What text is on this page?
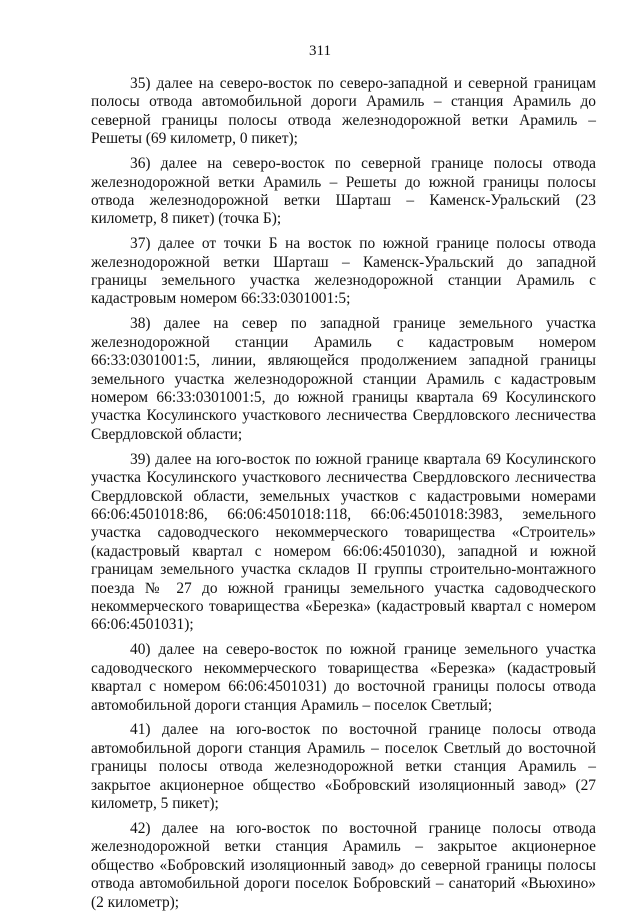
311

35) далее на северо-восток по северо-западной и северной границам полосы отвода автомобильной дороги Арамиль – станция Арамиль до северной границы полосы отвода железнодорожной ветки Арамиль – Решеты (69 километр, 0 пикет);

36) далее на северо-восток по северной границе полосы отвода железнодорожной ветки Арамиль – Решеты до южной границы полосы отвода железнодорожной ветки Шарташ – Каменск-Уральский (23 километр, 8 пикет) (точка Б);

37) далее от точки Б на восток по южной границе полосы отвода железнодорожной ветки Шарташ – Каменск-Уральский до западной границы земельного участка железнодорожной станции Арамиль с кадастровым номером 66:33:0301001:5;

38) далее на север по западной границе земельного участка железнодорожной станции Арамиль с кадастровым номером 66:33:0301001:5, линии, являющейся продолжением западной границы земельного участка железнодорожной станции Арамиль с кадастровым номером 66:33:0301001:5, до южной границы квартала 69 Косулинского участка Косулинского участкового лесничества Свердловского лесничества Свердловской области;

39) далее на юго-восток по южной границе квартала 69 Косулинского участка Косулинского участкового лесничества Свердловского лесничества Свердловской области, земельных участков с кадастровыми номерами 66:06:4501018:86, 66:06:4501018:118, 66:06:4501018:3983, земельного участка садоводческого некоммерческого товарищества «Строитель» (кадастровый квартал с номером 66:06:4501030), западной и южной границам земельного участка складов II группы строительно-монтажного поезда № 27 до южной границы земельного участка садоводческого некоммерческого товарищества «Березка» (кадастровый квартал с номером 66:06:4501031);

40) далее на северо-восток по южной границе земельного участка садоводческого некоммерческого товарищества «Березка» (кадастровый квартал с номером 66:06:4501031) до восточной границы полосы отвода автомобильной дороги станция Арамиль – поселок Светлый;

41) далее на юго-восток по восточной границе полосы отвода автомобильной дороги станция Арамиль – поселок Светлый до восточной границы полосы отвода железнодорожной ветки станция Арамиль – закрытое акционерное общество «Бобровский изоляционный завод» (27 километр, 5 пикет);

42) далее на юго-восток по восточной границе полосы отвода железнодорожной ветки станция Арамиль – закрытое акционерное общество «Бобровский изоляционный завод» до северной границы полосы отвода автомобильной дороги поселок Бобровский – санаторий «Вьюхино» (2 километр);
